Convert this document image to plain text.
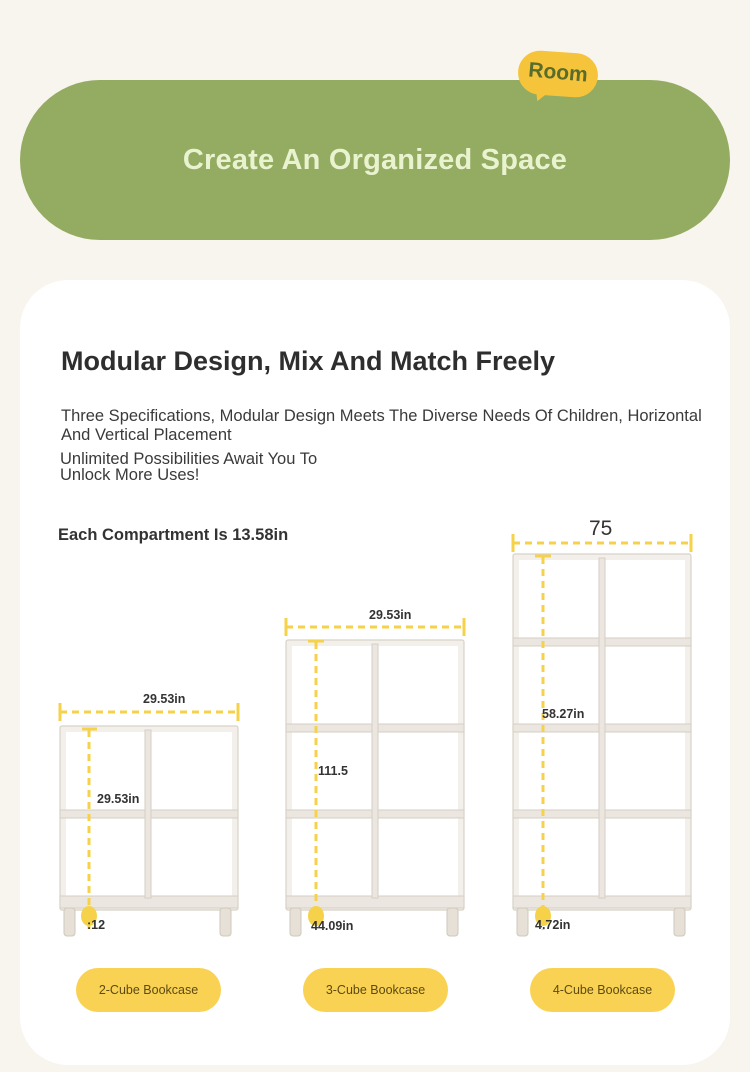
Create An Organized Space
Room
Modular Design, Mix And Match Freely
Three Specifications, Modular Design Meets The Diverse Needs Of Children, Horizontal And Vertical Placement
Unlimited Possibilities Await You To Unlock More Uses!
Each Compartment Is 13.58in
29.53in
29.53in
:12
29.53in
111.5
44.09in
75
58.27in
4.72in
2-Cube Bookcase	3-Cube Bookcase	4-Cube Bookcase
